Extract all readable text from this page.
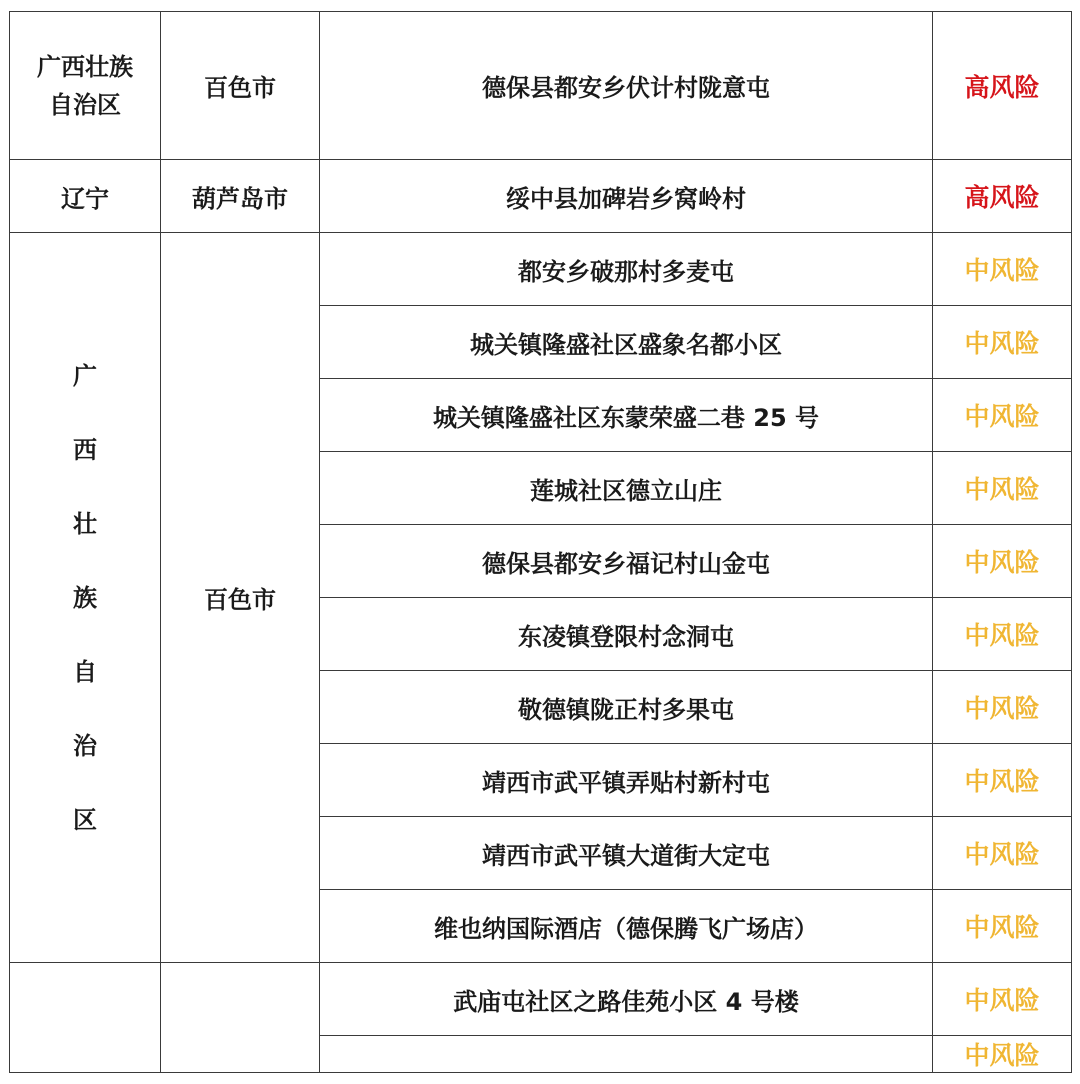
广西壮族自治区	百色市	德保县都安乡伏计村陇意屯	高风险
辽宁	葫芦岛市	绥中县加碑岩乡窝岭村	高风险
广西壮族自治区	百色市	都安乡破那村多麦屯	中风险
		城关镇隆盛社区盛象名都小区	中风险
		城关镇隆盛社区东蒙荣盛二巷 25 号	中风险
		莲城社区德立山庄	中风险
		德保县都安乡福记村山金屯	中风险
		东凌镇登限村念洞屯	中风险
		敬德镇陇正村多果屯	中风险
		靖西市武平镇弄贴村新村屯	中风险
		靖西市武平镇大道街大定屯	中风险
		维也纳国际酒店（德保腾飞广场店）	中风险
		武庙屯社区之路佳苑小区 4 号楼	中风险
			中风险
